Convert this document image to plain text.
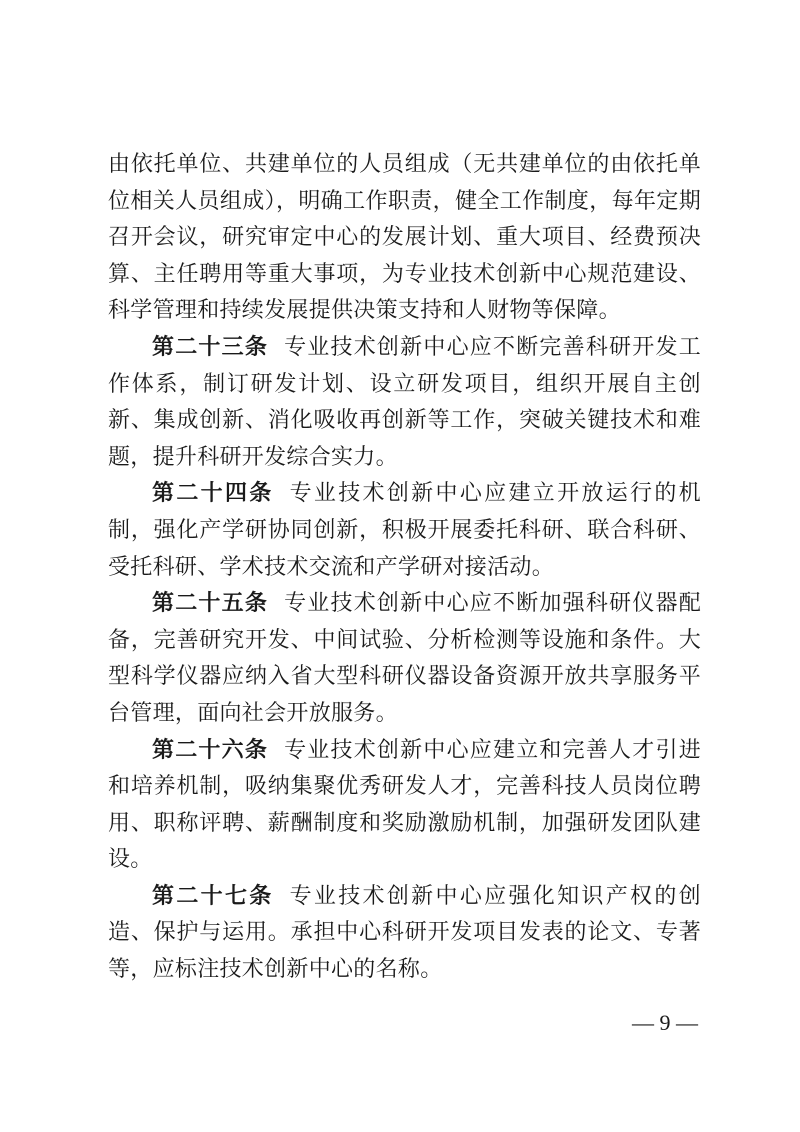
由依托单位、共建单位的人员组成（无共建单位的由依托单位相关人员组成），明确工作职责，健全工作制度，每年定期召开会议，研究审定中心的发展计划、重大项目、经费预决算、主任聘用等重大事项，为专业技术创新中心规范建设、科学管理和持续发展提供决策支持和人财物等保障。

第二十三条 专业技术创新中心应不断完善科研开发工作体系，制订研发计划、设立研发项目，组织开展自主创新、集成创新、消化吸收再创新等工作，突破关键技术和难题，提升科研开发综合实力。

第二十四条 专业技术创新中心应建立开放运行的机制，强化产学研协同创新，积极开展委托科研、联合科研、受托科研、学术技术交流和产学研对接活动。

第二十五条 专业技术创新中心应不断加强科研仪器配备，完善研究开发、中间试验、分析检测等设施和条件。大型科学仪器应纳入省大型科研仪器设备资源开放共享服务平台管理，面向社会开放服务。

第二十六条 专业技术创新中心应建立和完善人才引进和培养机制，吸纳集聚优秀研发人才，完善科技人员岗位聘用、职称评聘、薪酬制度和奖励激励机制，加强研发团队建设。

第二十七条 专业技术创新中心应强化知识产权的创造、保护与运用。承担中心科研开发项目发表的论文、专著等，应标注技术创新中心的名称。

— 9 —
